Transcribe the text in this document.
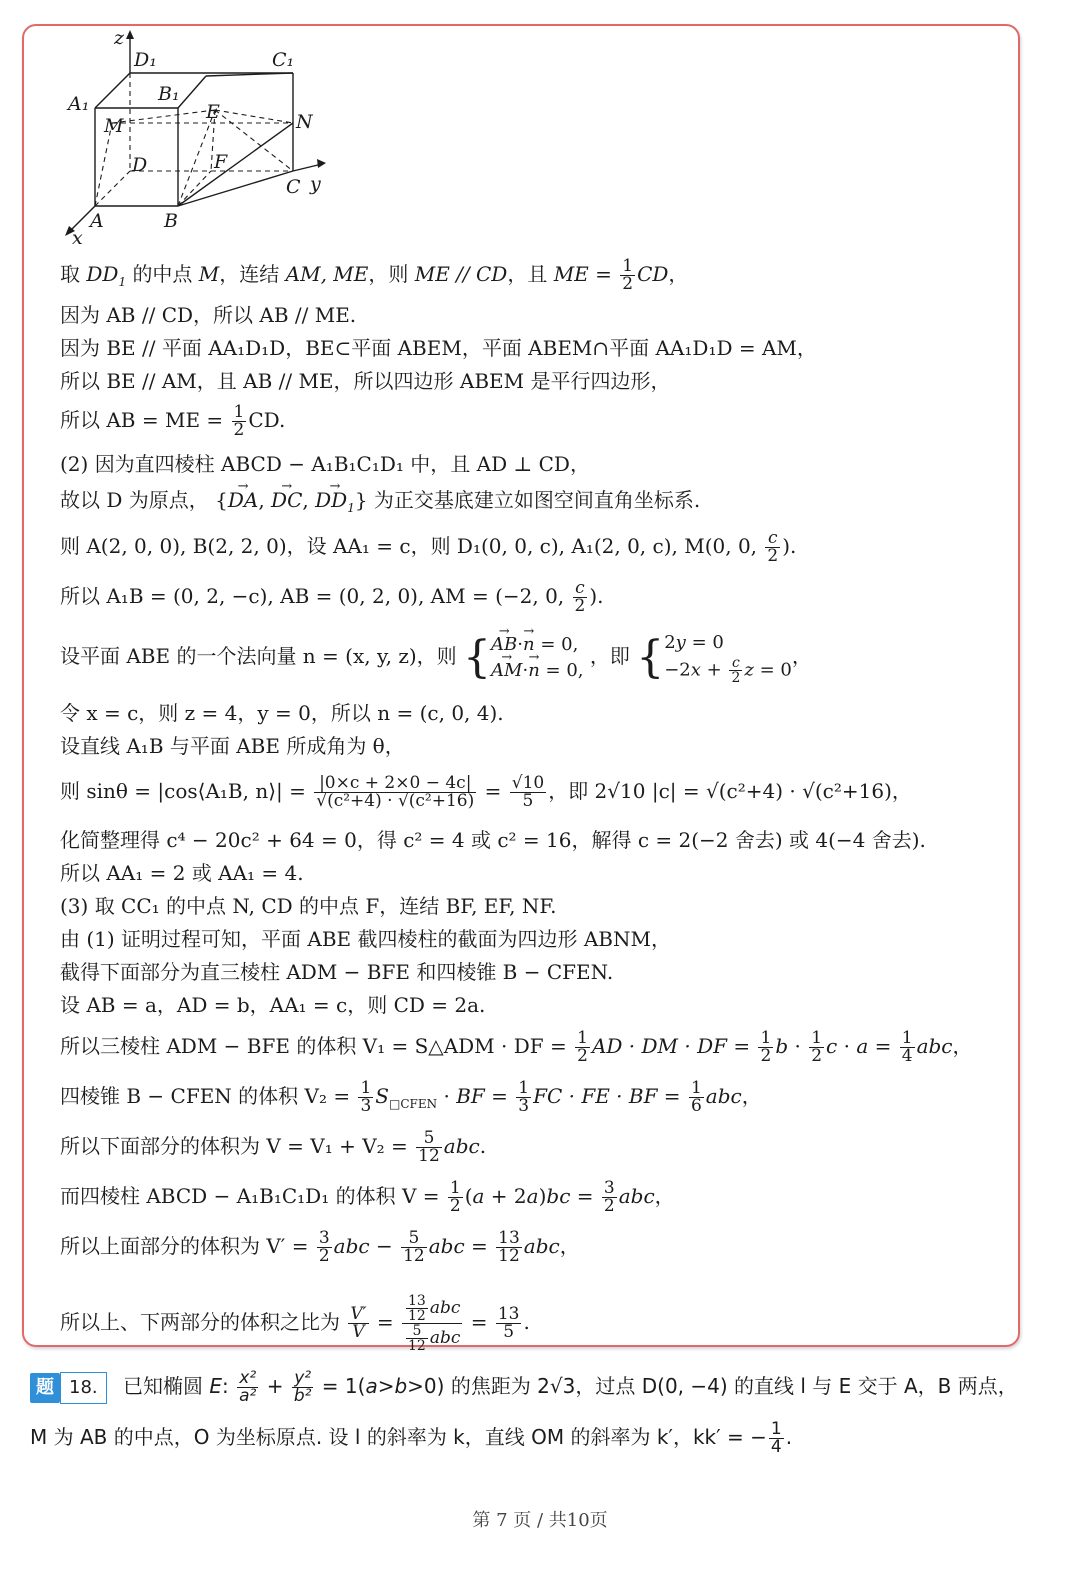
z
D₁	C₁
A₁	B₁
E
M	N
D	F
C y
A	B
x
取 $DD_1$ 的中点 M，连结 AM, ME，则 ME // CD，且 ME = $\frac{1}{2}$ CD，
因为 AB // CD，所以 AB // ME.
因为 BE // 平面 AA₁D₁D，BE⊂平面 ABEM，平面 ABEM∩平面 AA₁D₁D = AM，
所以 BE // AM，且 AB // ME，所以四边形 ABEM 是平行四边形，
所以 AB = ME = $\frac{1}{2}$ CD.
(2) 因为直四棱柱 ABCD − A₁B₁C₁D₁ 中，且 AD ⊥ CD，
故以 D 为原点， {→ DA, → DC, → $DD_1$} 为正交基底建立如图空间直角坐标系.
则 A(2, 0, 0), B(2, 2, 0)，设 AA₁ = c，则 D₁(0, 0, c), A₁(2, 0, c), M(0, 0, $\frac{c}{2}$ ).
所以 A₁B = (0, 2, −c), AB = (0, 2, 0), AM = (−2, 0, $\frac{c}{2}$ ).
设平面 ABE 的一个法向量 n = (x, y, z)，则 {→ AB·→ n = 0,
→ AM·→ n = 0, ，即 {2y = 0
$-2x + \frac{c}{2}$ z = 0，
令 x = c，则 z = 4，y = 0，所以 n = (c, 0, 4).
设直线 A₁B 与平面 ABE 所成角为 θ，
则 sinθ = |cos⟨A₁B, n⟩| = $\frac{|0\times c + 2\times 0 - 4c|}{\text{√(c²+4) · √(c²+16)}} = \frac{√10}{5}$ ，即 2√10 |c| = √(c²+4) · √(c²+16)，
化简整理得 c⁴ − 20c² + 64 = 0，得 c² = 4 或 c² = 16，解得 c = 2(−2 舍去) 或 4(−4 舍去).
所以 AA₁ = 2 或 AA₁ = 4.
(3) 取 CC₁ 的中点 N, CD 的中点 F，连结 BF, EF, NF.
由 (1) 证明过程可知，平面 ABE 截四棱柱的截面为四边形 ABNM，
截得下面部分为直三棱柱 ADM − BFE 和四棱锥 B − CFEN.
设 AB = a，AD = b，AA₁ = c，则 CD = 2a.
所以三棱柱 ADM − BFE 的体积 V₁ = S△ADM · DF = $\frac{1}{2}$ AD · DM · DF = $\frac{1}{2}$ $b \cdot \frac{1}{2}$ $c \cdot a = \frac{1}{4}$ abc，
四棱锥 B − CFEN 的体积 $V_2 = \frac{1}{3} S_{□CFEN}$ · BF = $\frac{1}{3}$ FC · FE · BF = $\frac{1}{6}$ abc，
所以下面部分的体积为 $V = V_1 + V_2 = \frac{5}{12}$ abc.
而四棱柱 ABCD − A₁B₁C₁D₁ 的体积 $V = \frac{1}{2} (a + 2a)bc = \frac{3}{2}$ abc，
所以上面部分的体积为 $V' = \frac{3}{2}$ abc − $\frac{5}{12}$ abc = $\frac{13}{12}$ abc，
所以上、下两部分的体积之比为 $\frac{V'}{V} = \frac{13}{12}$ abc
$\frac{5}{12}$ abc
= $\frac{13}{5}$ .
题 18. 已知椭圆 E: $\frac{\text{x²}}{\text{a²}} + \frac{\text{y²}}{\text{b²}} = 1(a>b>0)$ 的焦距为 2√3，过点 D(0, −4) 的直线 l 与 E 交于 A，B 两点，
M 为 AB 的中点，O 为坐标原点. 设 l 的斜率为 k，直线 OM 的斜率为 k′，kk′ = − $\frac{1}{4}$ .
第 7 页 / 共10页
